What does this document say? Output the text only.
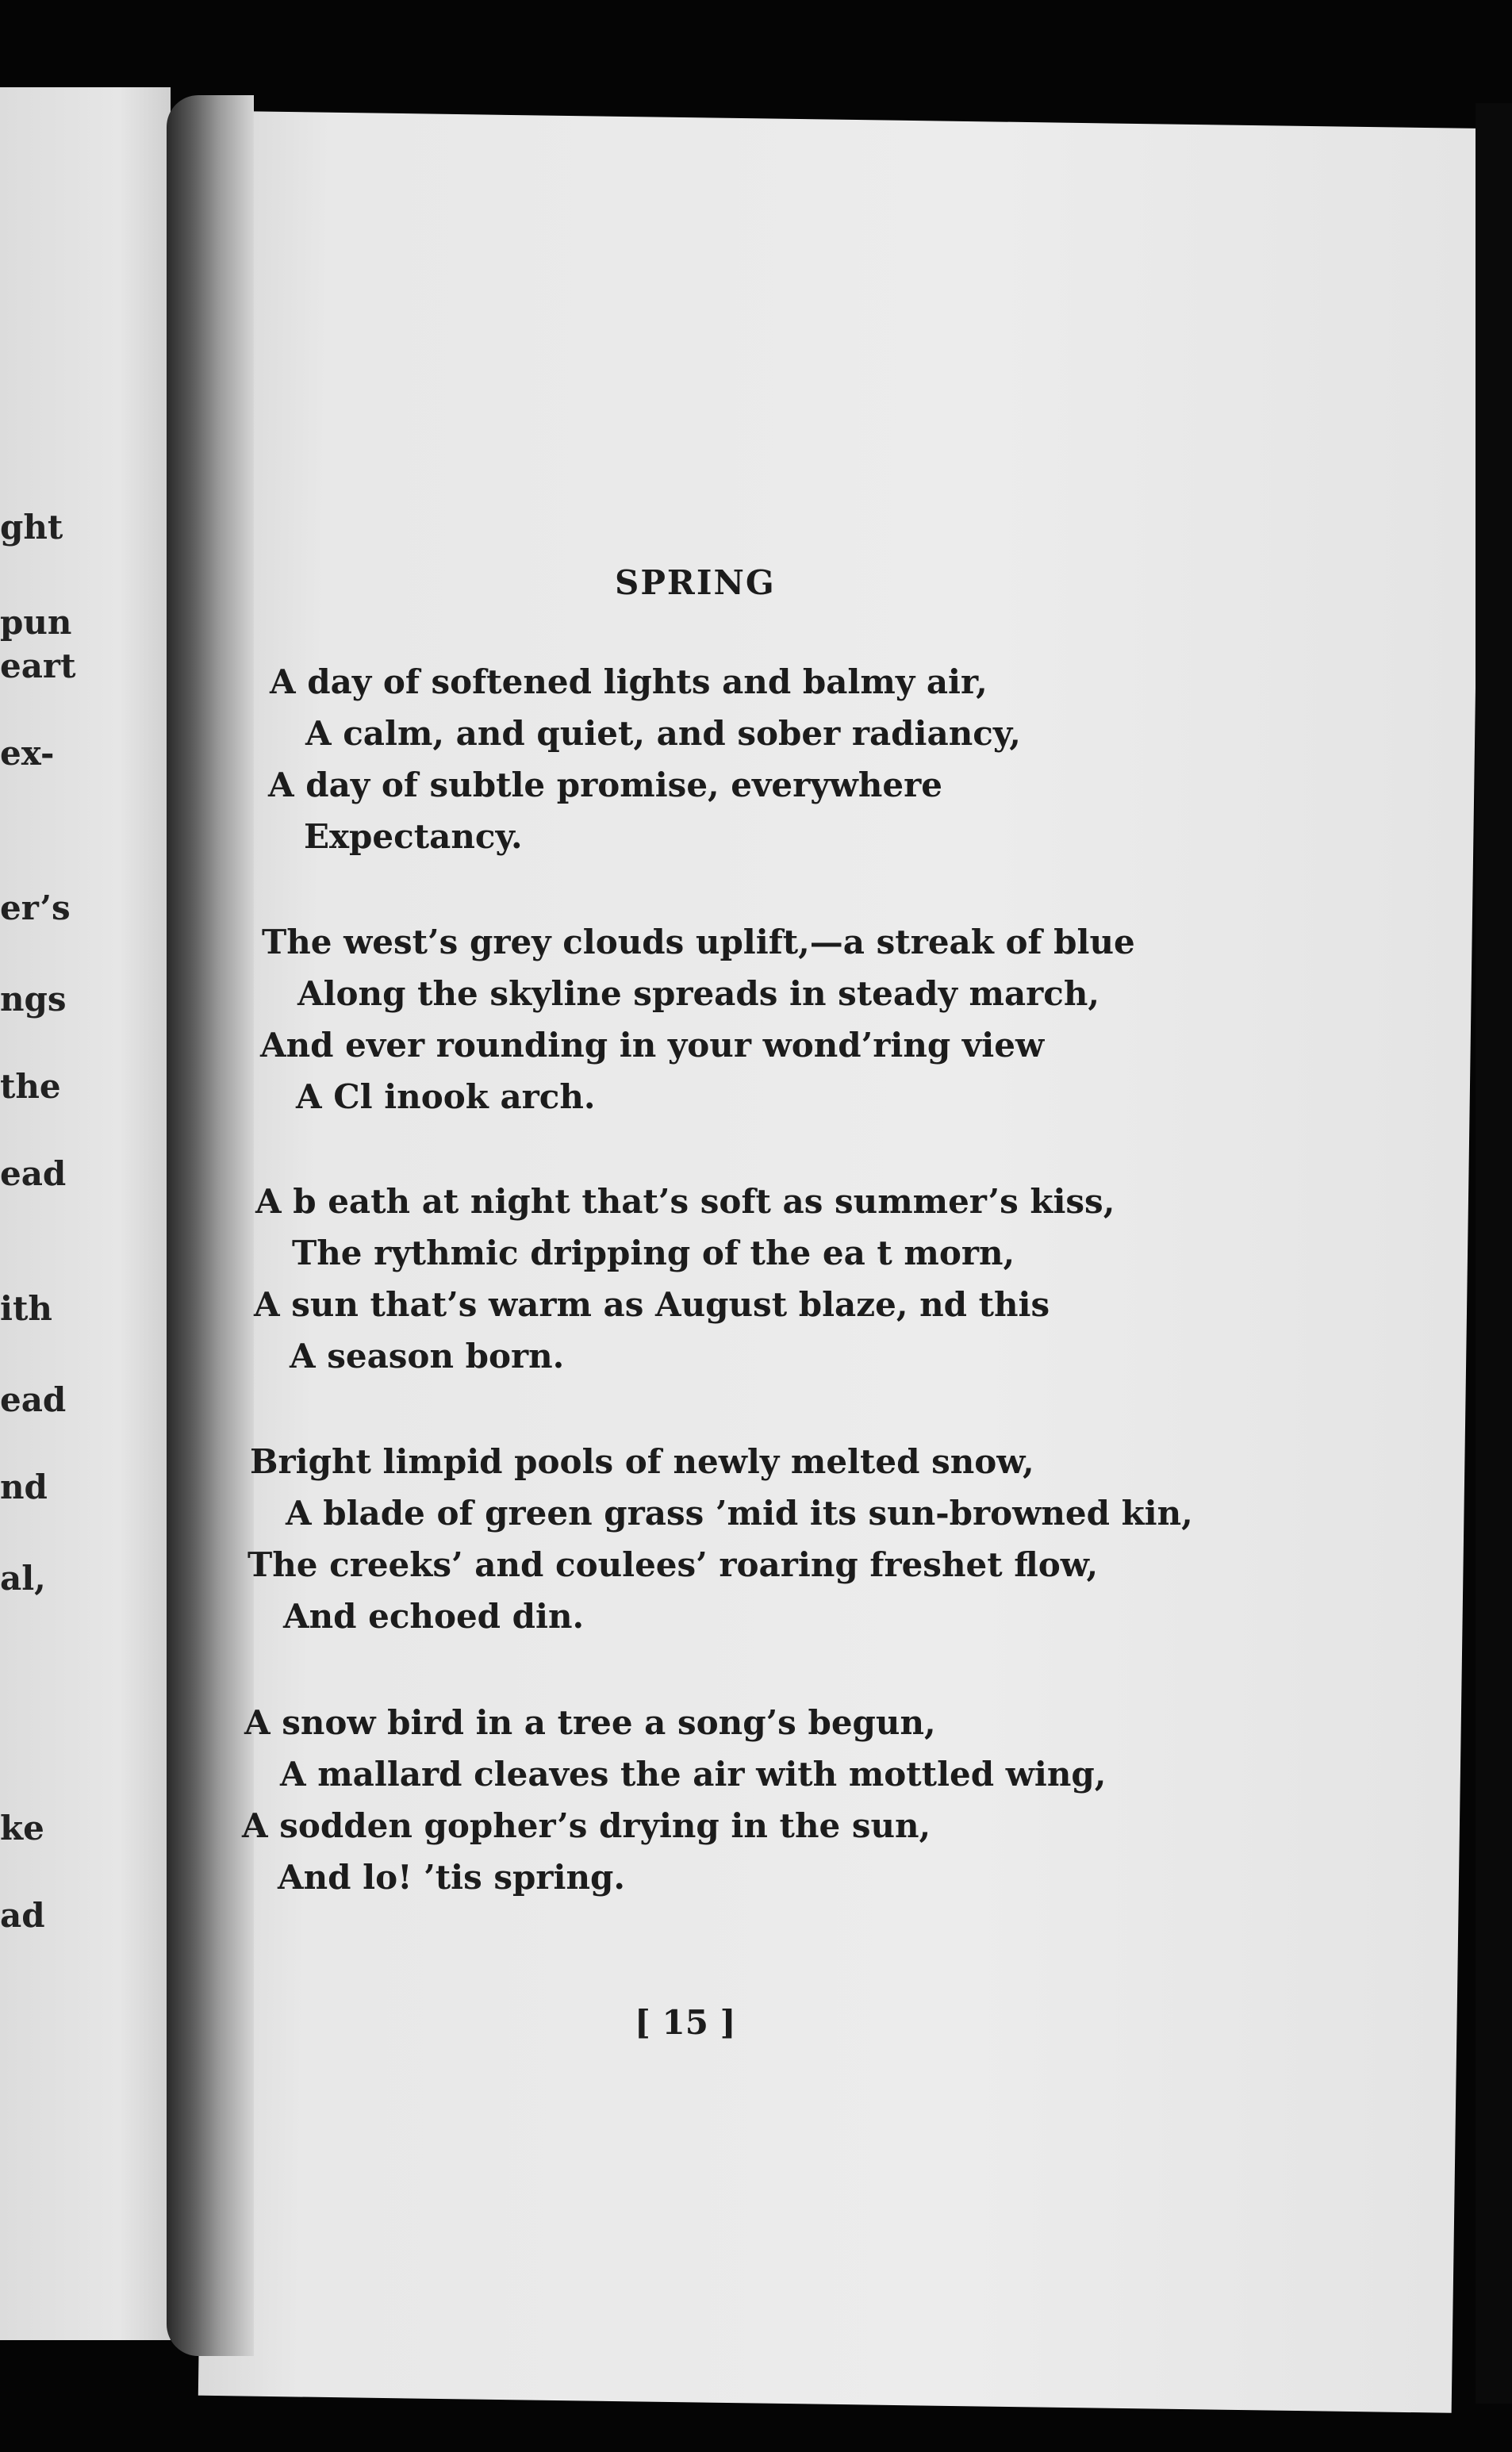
ght
pun
eart
ex-
er’s
ngs
the
ead
ith
ead
nd
al,
ke
ad
SPRING
A day of softened lights and balmy air,
A calm, and quiet, and sober radiancy,
A day of subtle promise, everywhere
Expectancy.
The west’s grey clouds uplift,—a streak of blue
Along the skyline spreads in steady march,
And ever rounding in your wond’ring view
A Cl inook arch.
A b eath at night that’s soft as summer’s kiss,
The rythmic dripping of the ea t morn,
A sun that’s warm as August blaze, nd this
A season born.
Bright limpid pools of newly melted snow,
A blade of green grass ’mid its sun-browned kin,
The creeks’ and coulees’ roaring freshet flow,
And echoed din.
A snow bird in a tree a song’s begun,
A mallard cleaves the air with mottled wing,
A sodden gopher’s drying in the sun,
And lo! ’tis spring.
[ 15 ]
